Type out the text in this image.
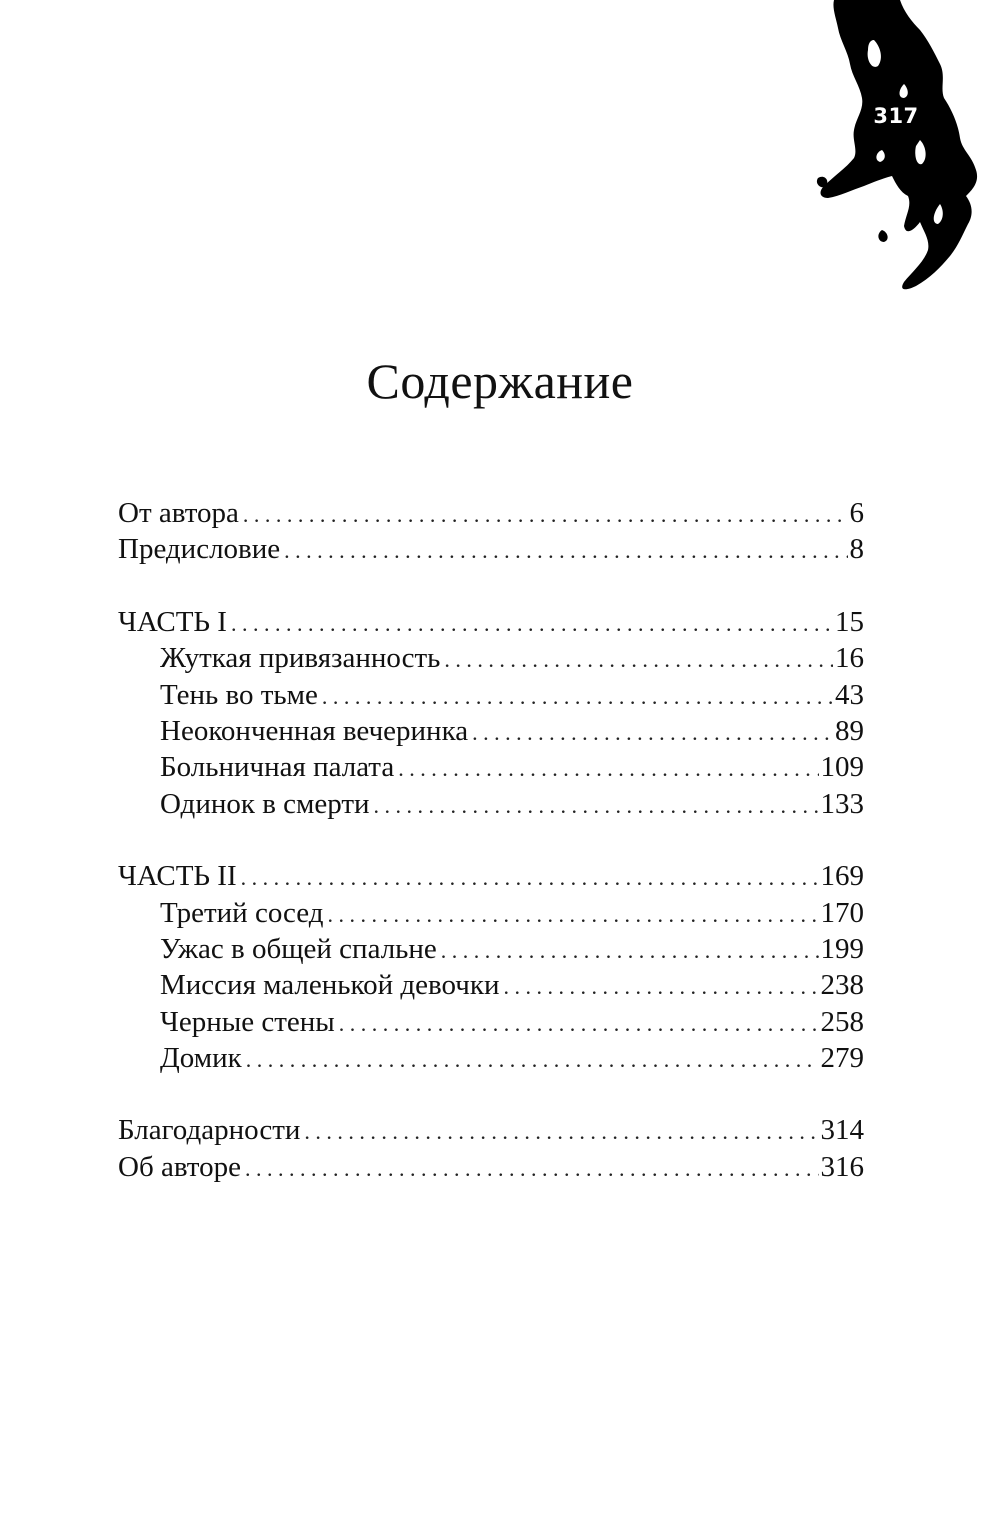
317
Содержание
От автора . . .	6
Предисловие . . .	8
ЧАСТЬ I . . .	15
Жуткая привязанность . . .	16
Тень во тьме . . .	43
Неоконченная вечеринка . . .	89
Больничная палата . . .	109
Одинок в смерти . . .	133
ЧАСТЬ II . . .	169
Третий сосед . . .	170
Ужас в общей спальне . . .	199
Миссия маленькой девочки . . .	238
Черные стены . . .	258
Домик . . .	279
Благодарности . . .	314
Об авторе . . .	316
